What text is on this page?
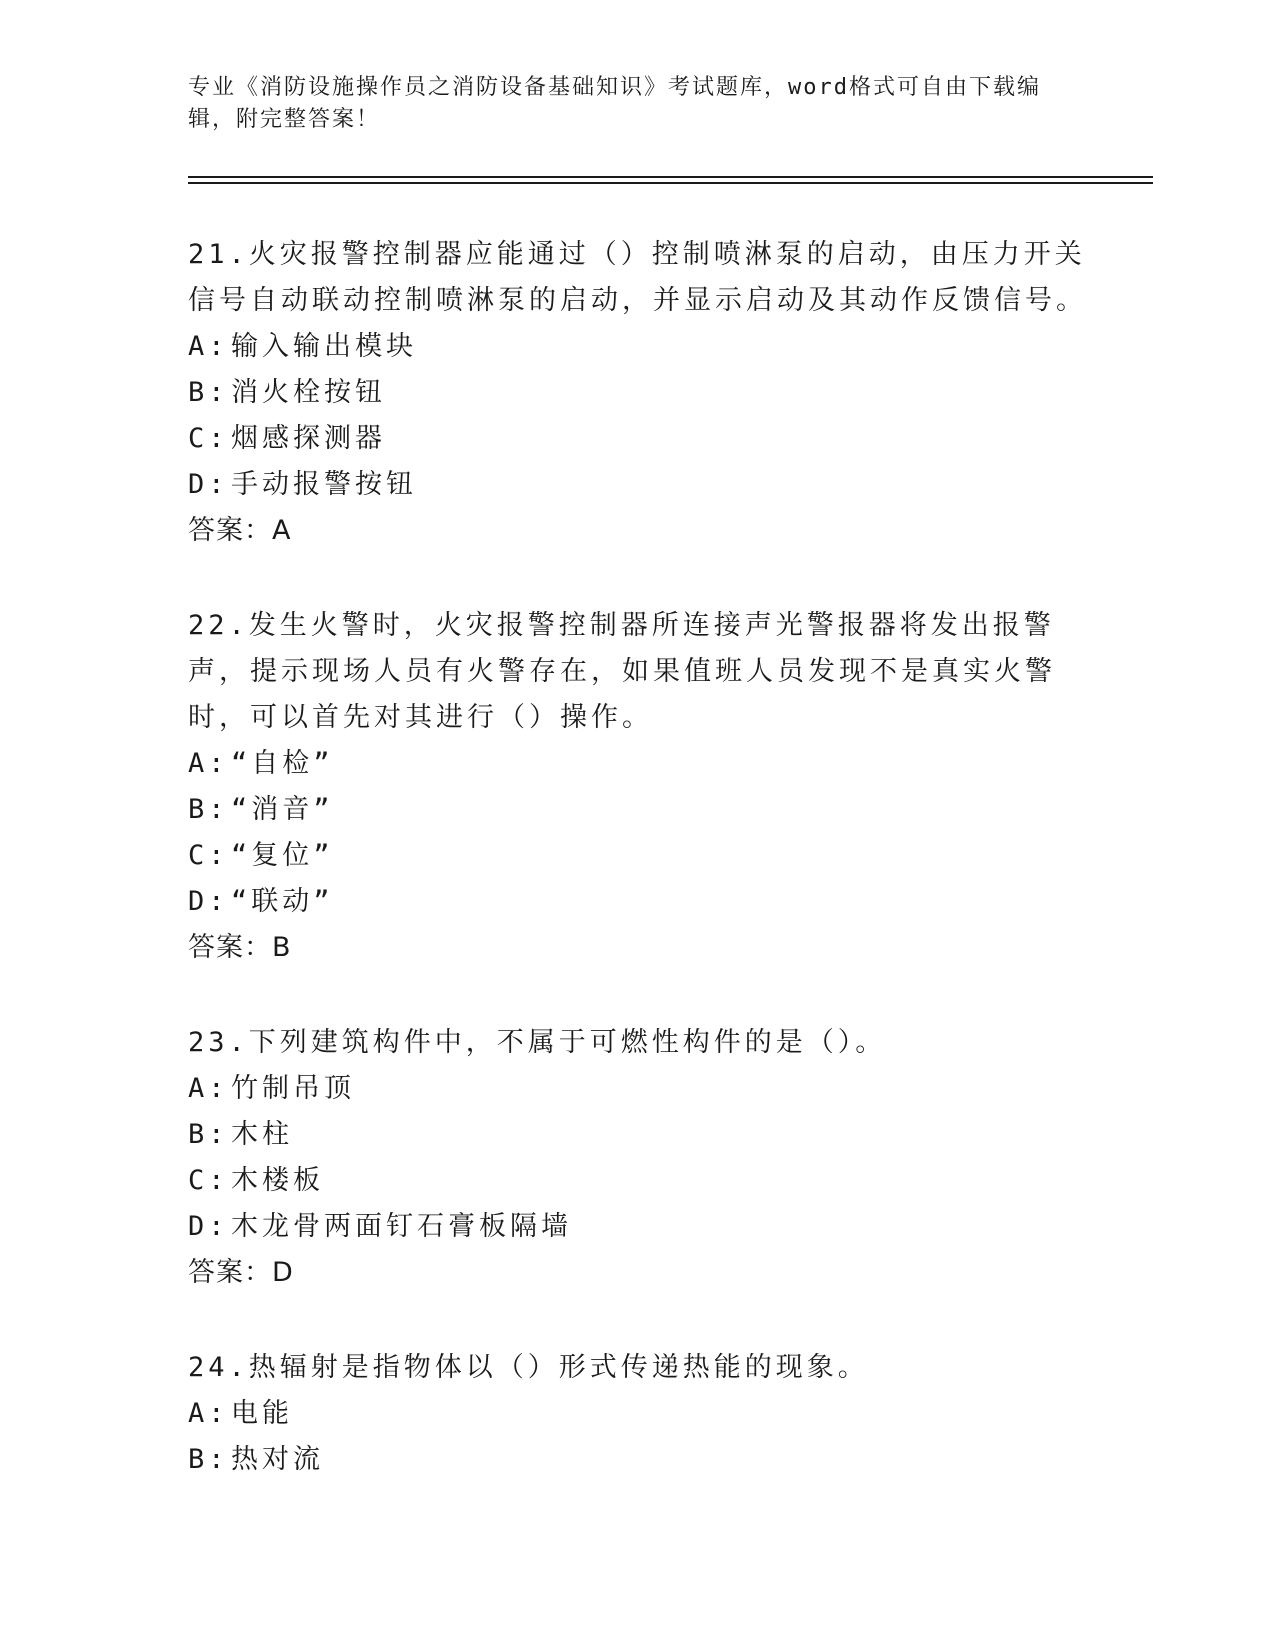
专业《消防设施操作员之消防设备基础知识》考试题库，word格式可自由下载编辑，附完整答案！
21.火灾报警控制器应能通过（）控制喷淋泵的启动，由压力开关信号自动联动控制喷淋泵的启动，并显示启动及其动作反馈信号。
A:输入输出模块
B:消火栓按钮
C:烟感探测器
D:手动报警按钮
答案：A
22.发生火警时，火灾报警控制器所连接声光警报器将发出报警声，提示现场人员有火警存在，如果值班人员发现不是真实火警时，可以首先对其进行（）操作。
A:“自检”
B:“消音”
C:“复位”
D:“联动”
答案：B
23.下列建筑构件中，不属于可燃性构件的是（）。
A:竹制吊顶
B:木柱
C:木楼板
D:木龙骨两面钉石膏板隔墙
答案：D
24.热辐射是指物体以（）形式传递热能的现象。
A:电能
B:热对流
